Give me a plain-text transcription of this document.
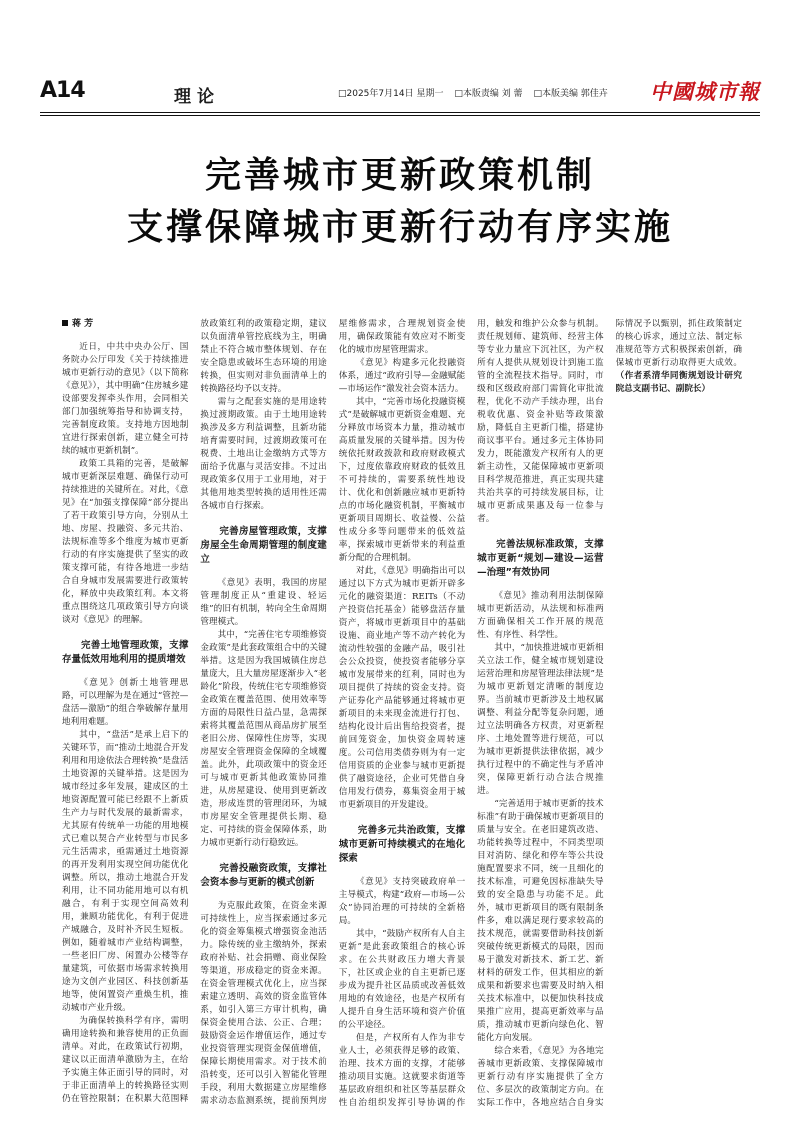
A14	理论	□2025年7月14日 星期一 □本版责编 刘 薷 □本版美编 郭佳卉	中國城市報
完善城市更新政策机制
支撑保障城市更新行动有序实施
蒋 芳

近日，中共中央办公厅、国务院办公厅印发《关于持续推进城市更新行动的意见》（以下简称《意见》），其中明确“住房城乡建设部要发挥牵头作用，会同相关部门加强统筹指导和协调支持，完善制度政策。支持地方因地制宜进行探索创新，建立健全可持续的城市更新机制”。

政策工具箱的完善，是破解城市更新深层难题、确保行动可持续推进的关键所在。对此，《意见》在“加强支撑保障”部分提出了若干政策引导方向，分别从土地、房屋、投融资、多元共治、法规标准等多个维度为城市更新行动的有序实施提供了坚实的政策支撑可能，有待各地进一步结合自身城市发展需要进行政策转化，释放中央政策红利。本文将重点围绕这几项政策引导方向谈谈对《意见》的理解。

完善土地管理政策，支撑存量低效用地利用的提质增效

《意见》创新土地管理思路，可以理解为是在通过“管控—盘活—激励”的组合拳破解存量用地利用难题。

其中，“盘活”是承上启下的关键环节，而“推动土地混合开发利用和用途依法合理转换”是盘活土地资源的关键举措。这是因为城市经过多年发展，建成区的土地资源配置可能已经跟不上新质生产力与时代发展的最新需求，尤其原有传统单一功能的用地模式已难以契合产业转型与市民多元生活需求，亟需通过土地资源的再开发利用实现空间功能优化调整。所以，推动土地混合开发利用，让不同功能用地可以有机融合，有利于实现空间高效利用，兼顾功能优化，有利于促进产城融合，及时补齐民生短板。例如，随着城市产业结构调整，一些老旧厂房、闲置办公楼等存量建筑，可依据市场需求转换用途为文创产业园区、科技创新基地等，使闲置资产重焕生机，推动城市产业升级。

为确保转换科学有序，需明确用途转换和兼容使用的正负面清单。对此，在政策试行初期，建议以正面清单激励为主，在给予实施主体正面引导的同时，对于非正面清单上的转换路径实则仍在管控限制；在积累大范围释放政策红利的政策稳定期，建议以负面清单管控底线为主，明确禁止不符合城市整体规划、存在安全隐患或破坏生态环境的用途转换，但实则对非负面清单上的转换路径均予以支持。

需与之配套实施的是用途转换过渡期政策。由于土地用途转换涉及多方利益调整，且新功能培育需要时间，过渡期政策可在税费、土地出让金缴纳方式等方面给予优惠与灵活安排。不过出现政策多仅用于工业用地，对于其他用地类型转换的适用性还需各城市自行探索。

完善房屋管理政策，支撑房屋全生命周期管理的制度建立

《意见》表明，我国的房屋管理制度正从“重建设、轻运维”的旧有机制，转向全生命周期管理模式。

其中，“完善住宅专项维修资金政策”是此套政策组合中的关键举措。这是因为我国城镇住房总量庞大，且大量房屋逐渐步入“老龄化”阶段，传统住宅专项维修资金政策在覆盖范围、使用效率等方面的局限性日益凸显，急需探索将其覆盖范围从商品房扩展至老旧公房、保障性住房等，实现房屋安全管理资金保障的全域覆盖。此外，此项政策中的资金还可与城市更新其他政策协同推进，从房屋建设、使用到更新改造，形成连贯的管理闭环，为城市房屋安全管理提供长期、稳定、可持续的资金保障体系，助力城市更新行动行稳致远。

完善投融资政策，支撑社会资本参与更新的模式创新

为克服此政策，在资金来源可持续性上，应当探索通过多元化的资金筹集模式增强资金池活力。除传统的业主缴纳外，探索政府补贴、社会捐赠、商业保险等渠道，形成稳定的资金来源。在资金管理模式优化上，应当探索建立透明、高效的资金监管体系，如引入第三方审计机构，确保资金使用合法、公正、合理；鼓励资金运作增值运作，通过专业投资管理实现资金保值增值，保障长期使用需求。对于技术前沿转变，还可以引入智能化管理手段，利用大数据建立房屋维修需求动态监测系统，提前预判房屋维修需求，合理规划资金使用，确保政策能有效应对不断变化的城市房屋管理需求。

《意见》构建多元化投融资体系，通过“政府引导—金融赋能—市场运作”激发社会资本活力。

其中，“完善市场化投融资模式”是破解城市更新资金难题、充分释放市场资本力量，推动城市高质量发展的关键举措。因为传统依托财政拨款和政府财政模式下，过度依靠政府财政的低效且不可持续的，需要系统性地设计、优化和创新融应城市更新特点的市场化融资机制，平衡城市更新项目周期长、收益慢、公益性成分多等问题带来的低效益率，探索城市更新带来的利益重新分配的合理机制。

对此，《意见》明确指出可以通过以下方式为城市更新开辟多元化的融资渠道：REITs（不动产投资信托基金）能够盘活存量资产，将城市更新项目中的基础设施、商业地产等不动产转化为流动性较强的金融产品，吸引社会公众投资，使投资者能够分享城市发展带来的红利，同时也为项目提供了持续的资金支持。资产证券化产品能够通过将城市更新项目的未来现金流进行打包、结构化设计后出售给投资者，提前回笼资金，加快资金周转速度。公司信用类债券则为有一定信用资质的企业参与城市更新提供了融资途径，企业可凭借自身信用发行债券，募集资金用于城市更新项目的开发建设。

完善多元共治政策，支撑城市更新可持续模式的在地化探索

《意见》支持突破政府单一主导模式，构建“政府—市场—公众”协同治理的可持续的全新格局。

其中，“鼓励产权所有人自主更新”是此套政策组合的核心诉求。在公共财政压力增大背景下，社区或企业的自主更新已逐步成为提升社区品质或改善低效用地的有效途径，也是产权所有人提升自身生活环境和资产价值的公平途径。

但是，产权所有人作为非专业人士，必须获得足够的政策、治理、技术方面的支撑，才能够推动项目实施。这就要求街道等基层政府组织和社区等基层群众性自治组织发挥引导协调的作用，触发和维护公众参与机制。责任规划师、建筑师、经营主体等专业力量应下沉社区，为产权所有人提供从规划设计到施工监管的全流程技术指导。同时，市级和区级政府部门需简化审批流程，优化不动产手续办理，出台税收优惠、资金补贴等政策激励，降低自主更新门槛，搭建协商议事平台。通过多元主体协同发力，既能激发产权所有人的更新主动性，又能保障城市更新项目科学规范推进，真正实现共建共治共享的可持续发展目标，让城市更新成果惠及每一位参与者。

完善法规标准政策，支撑城市更新“规划—建设—运营—治理”有效协同

《意见》推动利用法制保障城市更新活动，从法规和标准两方面确保相关工作开展的规范性、有序性、科学性。

其中，“加快推进城市更新相关立法工作，健全城市规划建设运营治理和房屋管理法律法规”是为城市更新划定清晰的制度边界。当前城市更新涉及土地权属调整、利益分配等复杂问题，通过立法明确各方权责，对更新程序、土地处置等进行规范，可以为城市更新提供法律依据，减少执行过程中的不确定性与矛盾冲突，保障更新行动合法合规推进。

“完善适用于城市更新的技术标准”有助于确保城市更新项目的质量与安全。在老旧建筑改造、功能转换等过程中，不同类型项目对消防、绿化和停车等公共设施配置要求不同，统一且细化的技术标准，可避免因标准缺失导致的安全隐患与功能不足。此外，城市更新项目的既有限制条件多，难以满足现行要求较高的技术规范，就需要借助科技创新突破传统更新模式的局限，因而易于激发对新技术、新工艺、新材料的研发工作，但其相应的新成果和新要求也需要及时纳入相关技术标准中，以便加快科技成果推广应用，提高更新效率与品质，推动城市更新向绿色化、智能化方向发展。

综合来看，《意见》为各地完善城市更新政策、支撑保障城市更新行动有序实施提供了全方位、多层次的政策制定方向。在实际工作中，各地应结合自身实际情况予以甄别，抓住政策制定的核心诉求，通过立法、制定标准规范等方式积极探索创新，确保城市更新行动取得更大成效。（作者系清华同衡规划设计研究院总支副书记、副院长）
